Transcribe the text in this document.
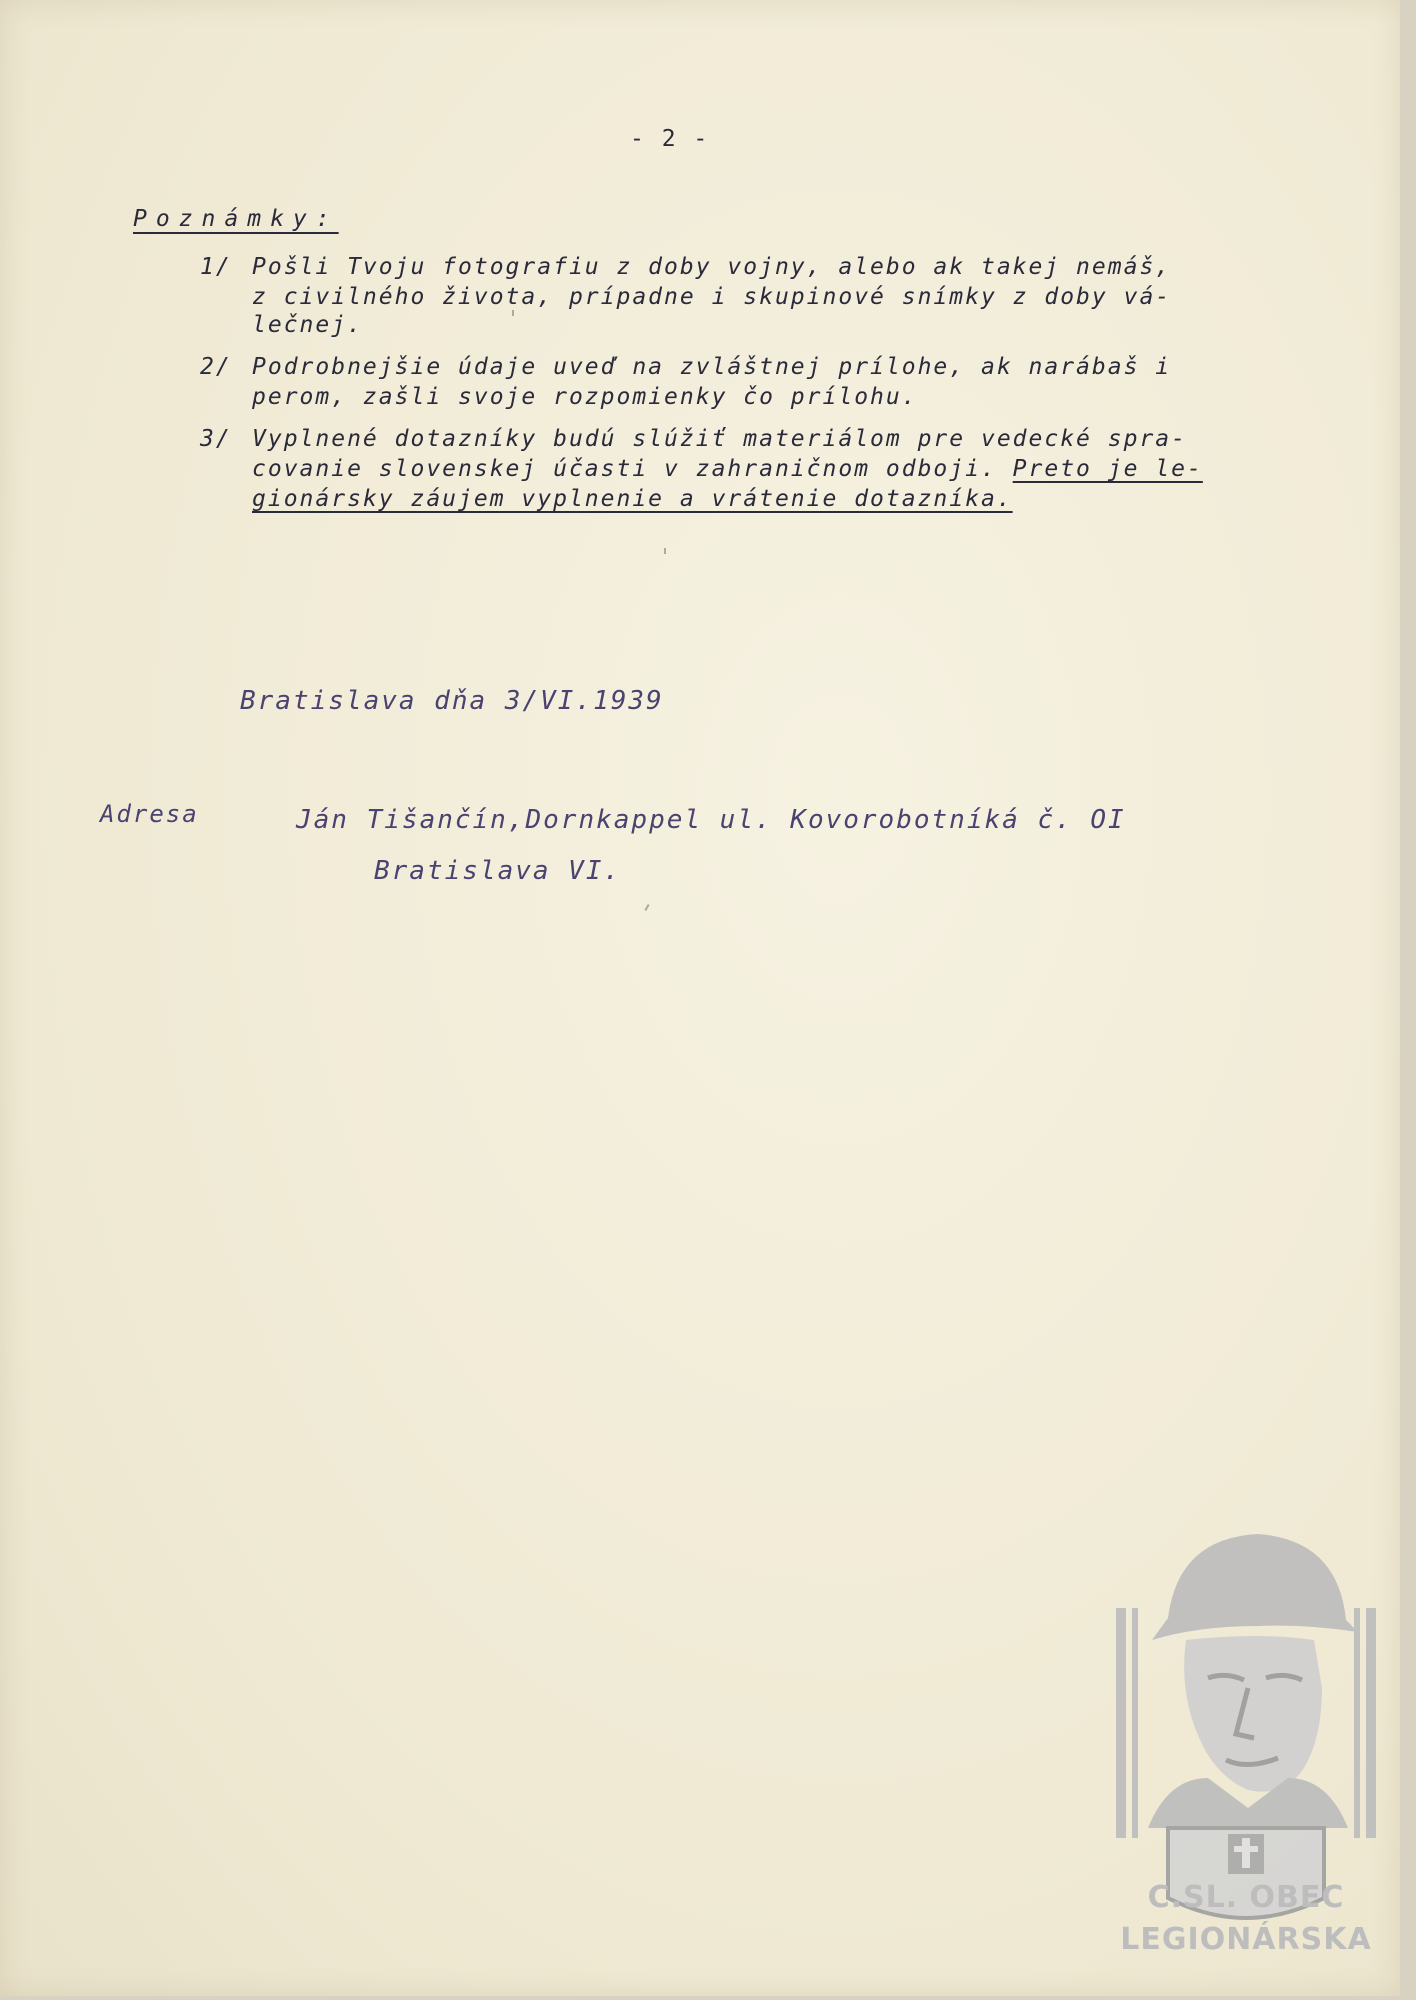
- 2 -
Poznámky:
1/ Pošli Tvoju fotografiu z doby vojny, alebo ak takej nemáš,
z civilného života, prípadne i skupinové snímky z doby vá-
lečnej.
2/ Podrobnejšie údaje uveď na zvláštnej prílohe, ak narábaš i
perom, zašli svoje rozpomienky čo prílohu.
3/ Vyplnené dotazníky budú slúžiť materiálom pre vedecké spra-
covanie slovenskej účasti v zahraničnom odboji. Preto je le-
gionársky záujem vyplnenie a vrátenie dotazníka.
Bratislava dňa 3/VI.1939
Adresa	Ján Tišančín,Dornkappel ul. Kovorobotníká č. OI
Bratislava VI.
C.SL. OBEC
LEGIONÁRSKA
